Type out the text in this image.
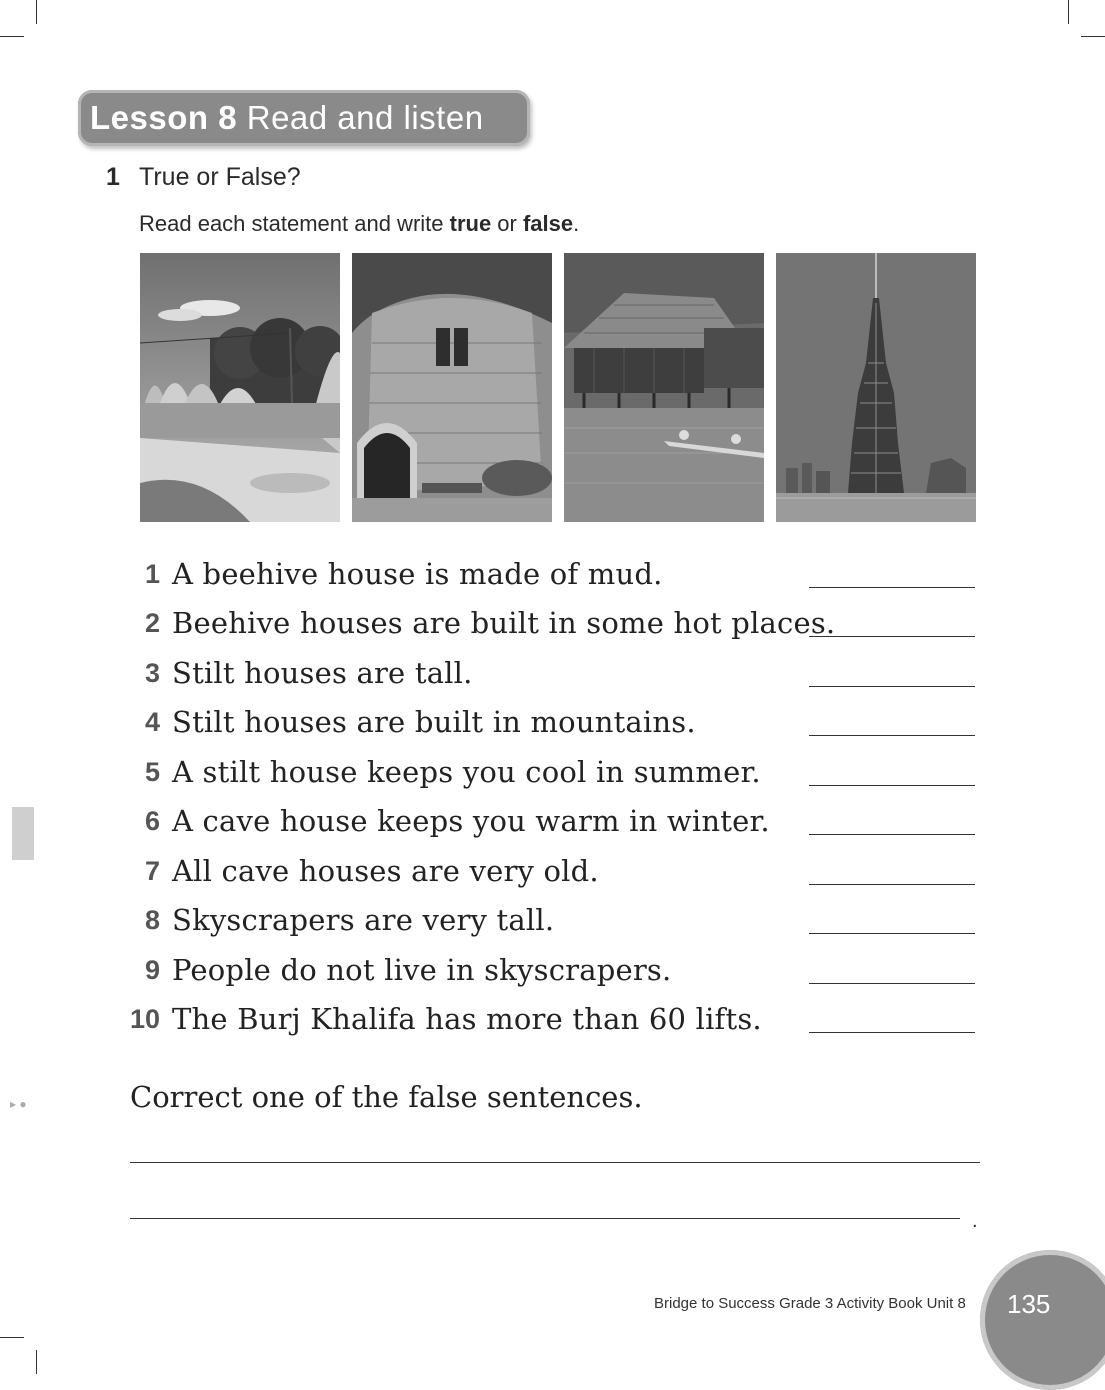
▸ ●
Lesson 8 Read and listen
1 True or False?
Read each statement and write true or false.
1 A beehive house is made of mud.
2 Beehive houses are built in some hot places.
3 Stilt houses are tall.
4 Stilt houses are built in mountains.
5 A stilt house keeps you cool in summer.
6 A cave house keeps you warm in winter.
7 All cave houses are very old.
8 Skyscrapers are very tall.
9 People do not live in skyscrapers.
10 The Burj Khalifa has more than 60 lifts.
Correct one of the false sentences.
.
Bridge to Success Grade 3 Activity Book Unit 8 135
